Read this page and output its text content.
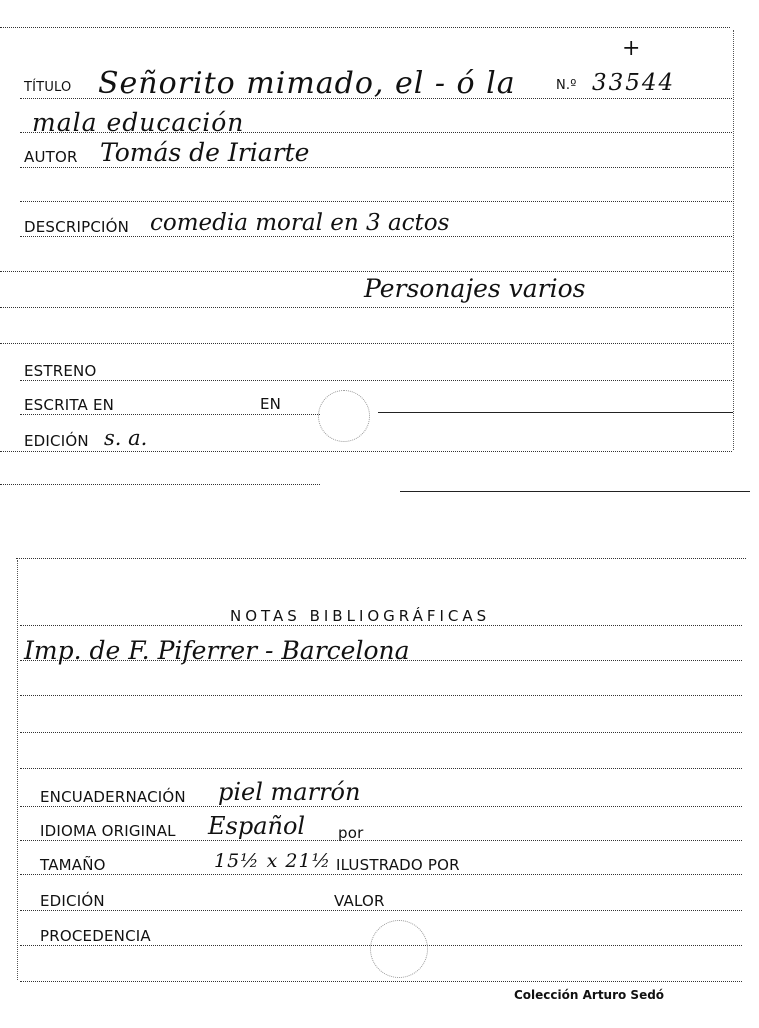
TÍTULO Señorito mimado, el - ó la	N.º 33544
+
mala educación
AUTOR Tomás de Iriarte
DESCRIPCIÓN comedia moral en 3 actos
Personajes varios
ESTRENO
ESCRITA EN	EN
EDICIÓN s. a.
NOTAS BIBLIOGRÁFICAS
Imp. de F. Piferrer - Barcelona
ENCUADERNACIÓN piel marrón
IDIOMA ORIGINAL Español por
TAMAÑO	15½ x 21½ ILUSTRADO POR
EDICIÓN	VALOR
PROCEDENCIA
Colección Arturo Sedó
